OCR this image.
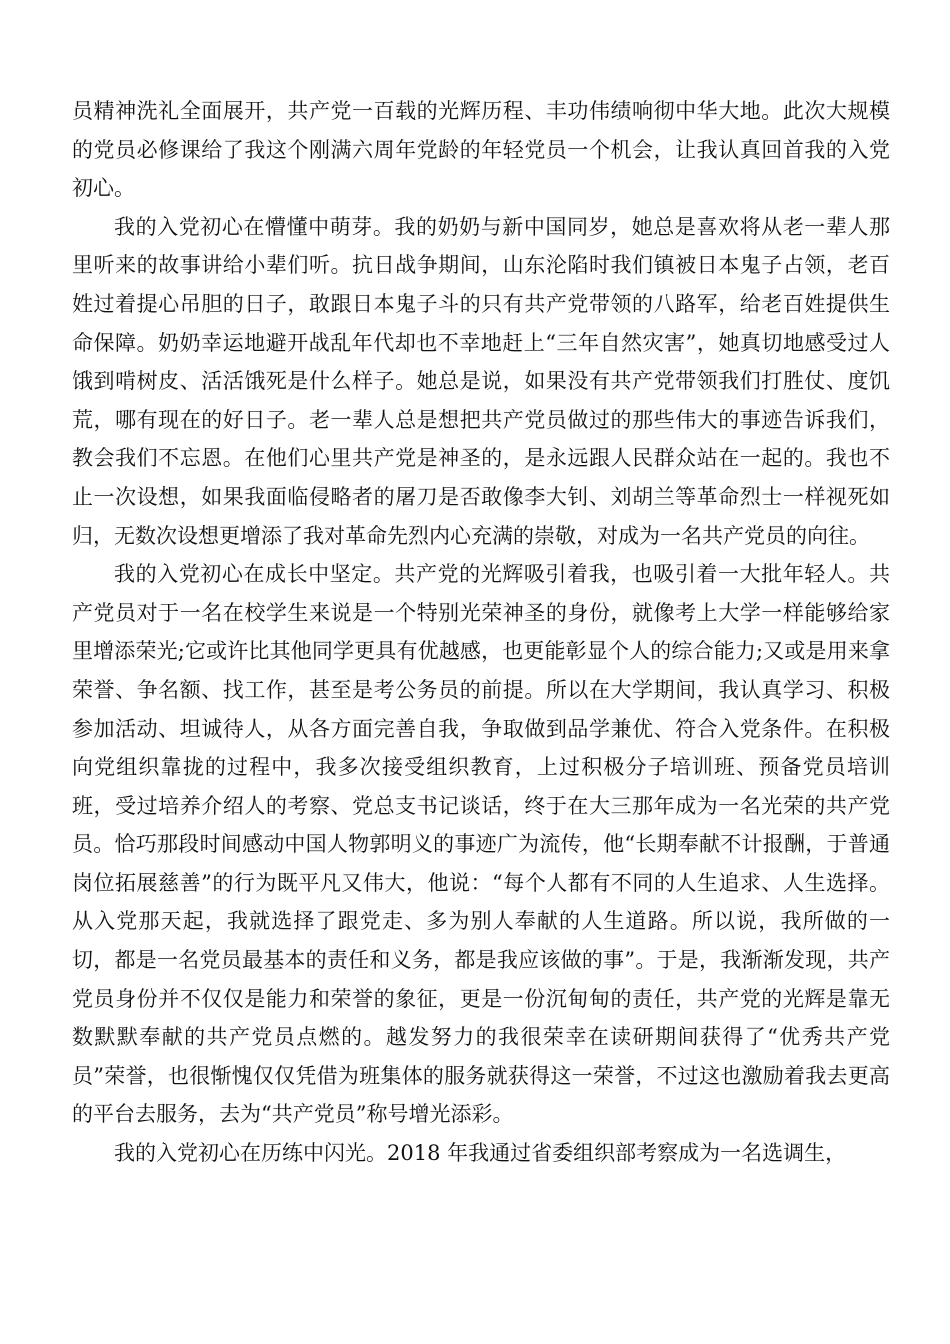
员精神洗礼全面展开，共产党一百载的光辉历程、丰功伟绩响彻中华大地。此次大规模的党员必修课给了我这个刚满六周年党龄的年轻党员一个机会，让我认真回首我的入党初心。

我的入党初心在懵懂中萌芽。我的奶奶与新中国同岁，她总是喜欢将从老一辈人那里听来的故事讲给小辈们听。抗日战争期间，山东沦陷时我们镇被日本鬼子占领，老百姓过着提心吊胆的日子，敢跟日本鬼子斗的只有共产党带领的八路军，给老百姓提供生命保障。奶奶幸运地避开战乱年代却也不幸地赶上“三年自然灾害”，她真切地感受过人饿到啃树皮、活活饿死是什么样子。她总是说，如果没有共产党带领我们打胜仗、度饥荒，哪有现在的好日子。老一辈人总是想把共产党员做过的那些伟大的事迹告诉我们，教会我们不忘恩。在他们心里共产党是神圣的，是永远跟人民群众站在一起的。我也不止一次设想，如果我面临侵略者的屠刀是否敢像李大钊、刘胡兰等革命烈士一样视死如归，无数次设想更增添了我对革命先烈内心充满的崇敬，对成为一名共产党员的向往。

我的入党初心在成长中坚定。共产党的光辉吸引着我，也吸引着一大批年轻人。共产党员对于一名在校学生来说是一个特别光荣神圣的身份，就像考上大学一样能够给家里增添荣光;它或许比其他同学更具有优越感，也更能彰显个人的综合能力;又或是用来拿荣誉、争名额、找工作，甚至是考公务员的前提。所以在大学期间，我认真学习、积极参加活动、坦诚待人，从各方面完善自我，争取做到品学兼优、符合入党条件。在积极向党组织靠拢的过程中，我多次接受组织教育，上过积极分子培训班、预备党员培训班，受过培养介绍人的考察、党总支书记谈话，终于在大三那年成为一名光荣的共产党员。恰巧那段时间感动中国人物郭明义的事迹广为流传，他“长期奉献不计报酬，于普通岗位拓展慈善”的行为既平凡又伟大，他说：“每个人都有不同的人生追求、人生选择。从入党那天起，我就选择了跟党走、多为别人奉献的人生道路。所以说，我所做的一切，都是一名党员最基本的责任和义务，都是我应该做的事”。于是，我渐渐发现，共产党员身份并不仅仅是能力和荣誉的象征，更是一份沉甸甸的责任，共产党的光辉是靠无数默默奉献的共产党员点燃的。越发努力的我很荣幸在读研期间获得了“优秀共产党员”荣誉，也很惭愧仅仅凭借为班集体的服务就获得这一荣誉，不过这也激励着我去更高的平台去服务，去为“共产党员”称号增光添彩。

我的入党初心在历练中闪光。2018 年我通过省委组织部考察成为一名选调生，
